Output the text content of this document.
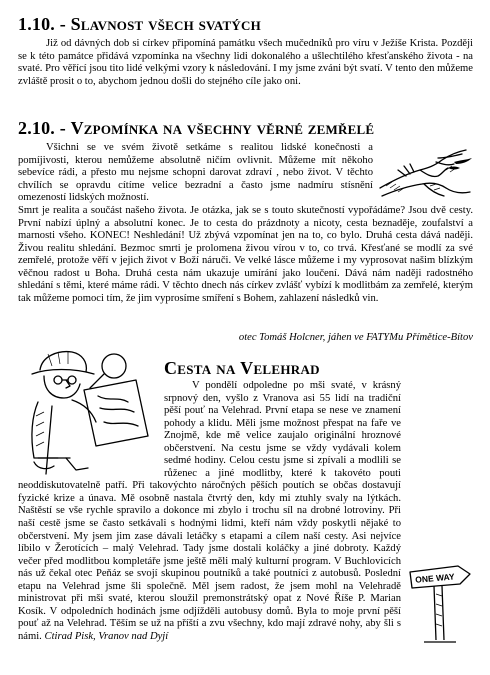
1.10. - Slavnost všech svatých
Již od dávných dob si církev připomíná památku všech mučedníků pro víru v Ježíše Krista. Později se k této památce přidává vzpomínka na všechny lidi dokonalého a ušlechtilého křesťanského života - na svaté. Pro věřící jsou tito lidé velkými vzory k následování. I my jsme zváni být svatí. V tento den můžeme zvláště prosit o to, abychom jednou došli do stejného cíle jako oni.
2.10. - Vzpomínka na všechny věrné zemřelé
Všichni se ve svém životě setkáme s realitou lidské konečnosti a pomíjivosti, kterou nemůžeme absolutně ničím ovlivnit. Můžeme mít někoho sebevíce rádi, a přesto mu nejsme schopni darovat zdraví , nebo život. V těchto chvílích se opravdu cítíme velice bezradní a často jsme nadmíru stísnění omezeností lidských možností.
Smrt je realita a součást našeho života. Je otázka, jak se s touto skutečností vypořádáme? Jsou dvě cesty. První nabízí úplný a absolutní konec. Je to cesta do prázdnoty a nicoty, cesta beznaděje, zoufalství a marnosti všeho. KONEC! Neshledání! Už zbývá vzpomínat jen na to, co bylo. Druhá cesta dává naději. Živou realitu shledání. Bezmoc smrti je prolomena živou vírou v to, co trvá. Křesťané se modlí za své zemřelé, protože věří v jejich život v Boží náruči. Ve velké lásce můžeme i my vyprosovat našim blízkým věčnou radost u Boha. Druhá cesta nám ukazuje umírání jako loučení. Dává nám naději radostného shledání s těmi, které máme rádi. V těchto dnech nás církev zvlášť vybízí k modlitbám za zemřelé, kterým tak můžeme pomoci tím, že jim vyprosíme smíření s Bohem, zahlazení následků vin.
otec Tomáš Holcner, jáhen ve FATYMu Přímětice-Bítov
Cesta na Velehrad
V pondělí odpoledne po mši svaté, v krásný srpnový den, vyšlo z Vranova asi 55 lidí na tradiční pěší pouť na Velehrad. První etapa se nese ve znamení pohody a klidu. Měli jsme možnost přespat na faře ve Znojmě, kde mě velice zaujalo originální hroznové občerstvení. Na cestu jsme se vždy vydávali kolem sedmé hodiny. Celou cestu jsme si zpívali a modlili se růženec a jiné modlitby, které k takovéto pouti neoddiskutovatelně patří. Při takovýchto náročných pěších poutích se občas dostavují fyzické krize a únava. Mě osobně nastala čtvrtý den, kdy mi ztuhly svaly na lýtkách. Naštěstí se vše rychle spravilo a dokonce mi zbylo i trochu síl na drobné lotroviny. Při naší cestě jsme se často setkávali s hodnými lidmi, kteří nám vždy poskytli nějaké to občerstvení. My jsem jim zase dávali letáčky s etapami a cílem naší cesty. Asi nejvíce líbilo v Žerotících – malý Velehrad. Tady jsme dostali koláčky a jiné dobroty. Každý večer před modlitbou kompletáře jsme ještě měli malý kulturní program. V Buchlovicích nás už čekal otec Peňáz se svojí skupinou poutníků a také poutníci z autobusů. Poslední etapu na Velehrad jsme šli společně. Měl jsem radost, že jsem mohl na Velehradě ministrovat při mši svaté, kterou sloužil premonstrátský opat z Nové Říše P. Marian Kosík. V odpoledních hodinách jsme odjížděli autobusy domů. Byla to moje první pěší pouť až na Velehrad. Těším se už na příští a zvu všechny, kdo mají zdravé nohy, aby šli s námi. Ctirad Pisk, Vranov nad Dyjí
ONE WAY
